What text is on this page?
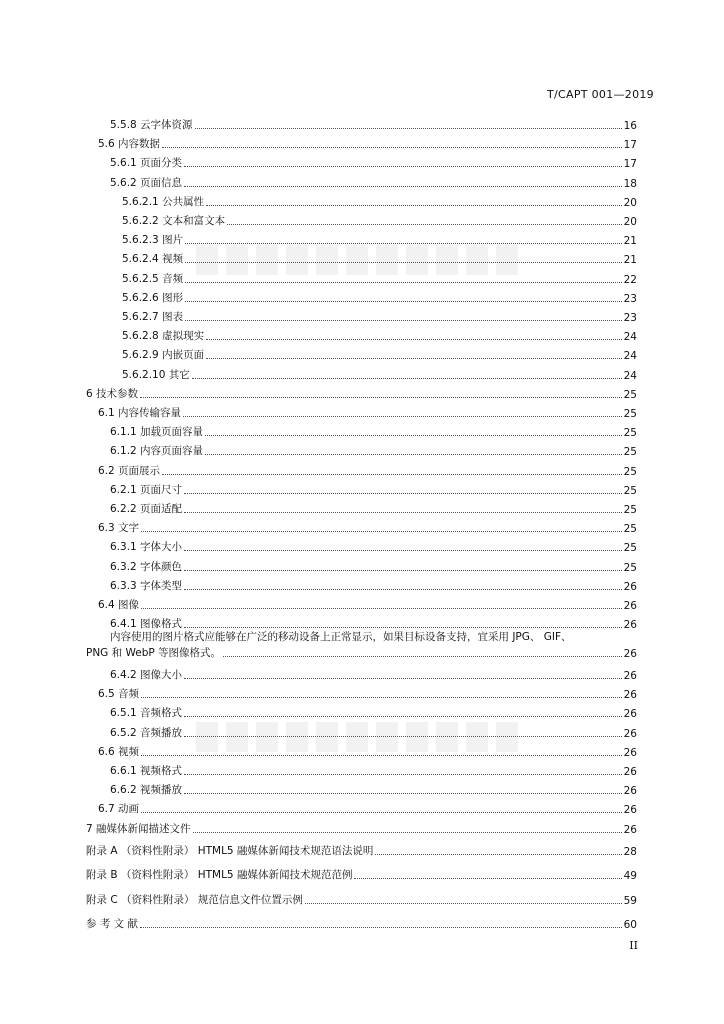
T/CAPT 001—2019
5.5.8 云字体资源	16
5.6 内容数据	17
5.6.1 页面分类	17
5.6.2 页面信息	18
5.6.2.1 公共属性	20
5.6.2.2 文本和富文本	20
5.6.2.3 图片	21
5.6.2.4 视频	21
5.6.2.5 音频	22
5.6.2.6 图形	23
5.6.2.7 图表	23
5.6.2.8 虚拟现实	24
5.6.2.9 内嵌页面	24
5.6.2.10 其它	24
6 技术参数	25
6.1 内容传输容量	25
6.1.1 加载页面容量	25
6.1.2 内容页面容量	25
6.2 页面展示	25
6.2.1 页面尺寸	25
6.2.2 页面适配	25
6.3 文字	25
6.3.1 字体大小	25
6.3.2 字体颜色	25
6.3.3 字体类型	26
6.4 图像	26
6.4.1 图像格式	26
6.4.2 图像大小	26
6.5 音频	26
6.5.1 音频格式	26
6.5.2 音频播放	26
6.6 视频	26
6.6.1 视频格式	26
6.6.2 视频播放	26
6.7 动画	26
7 融媒体新闻描述文件	26
附录 A （资料性附录） HTML5 融媒体新闻技术规范语法说明	28
附录 B （资料性附录） HTML5 融媒体新闻技术规范范例	49
附录 C （资料性附录） 规范信息文件位置示例	59
参 考 文 献	60
内容使用的图片格式应能够在广泛的移动设备上正常显示，如果目标设备支持，宜采用 JPG、 GIF、
PNG 和 WebP 等图像格式。	26
II
